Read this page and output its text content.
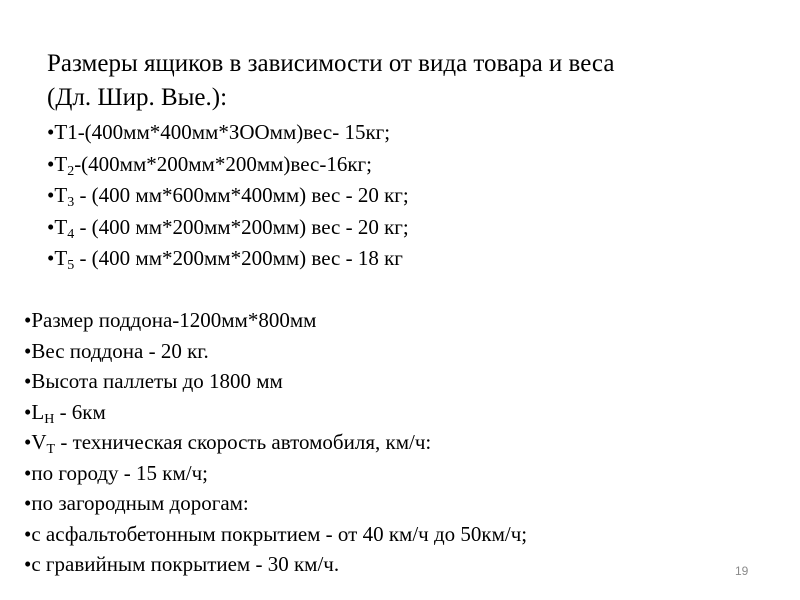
Размеры ящиков в зависимости от вида товара и веса

(Дл. Шир. Вые.):

•Т1-(400мм*400мм*ЗООмм)вес- 15кг;
$•Т_2-(400мм*200мм*200мм)вес-16кг$;
$•Т_3 - (400$ мм*600мм*400мм) вес - 20 кг;
$•Т_4 - (400$ мм*200мм*200мм) вес - 20 кг;
$•Т_5 - (400$ мм*200мм*200мм) вес - 18 кг
•Размер поддона-1200мм*800мм
•Вес поддона - 20 кг.
•Высота паллеты до 1800 мм
$•L_H - 6км$
$•V_T$ - техническая скорость автомобиля, км/ч:
•по городу - 15 км/ч;
•по загородным дорогам:
•с асфальтобетонным покрытием - от 40 км/ч до 50км/ч;
•с гравийным покрытием - 30 км/ч.	19
